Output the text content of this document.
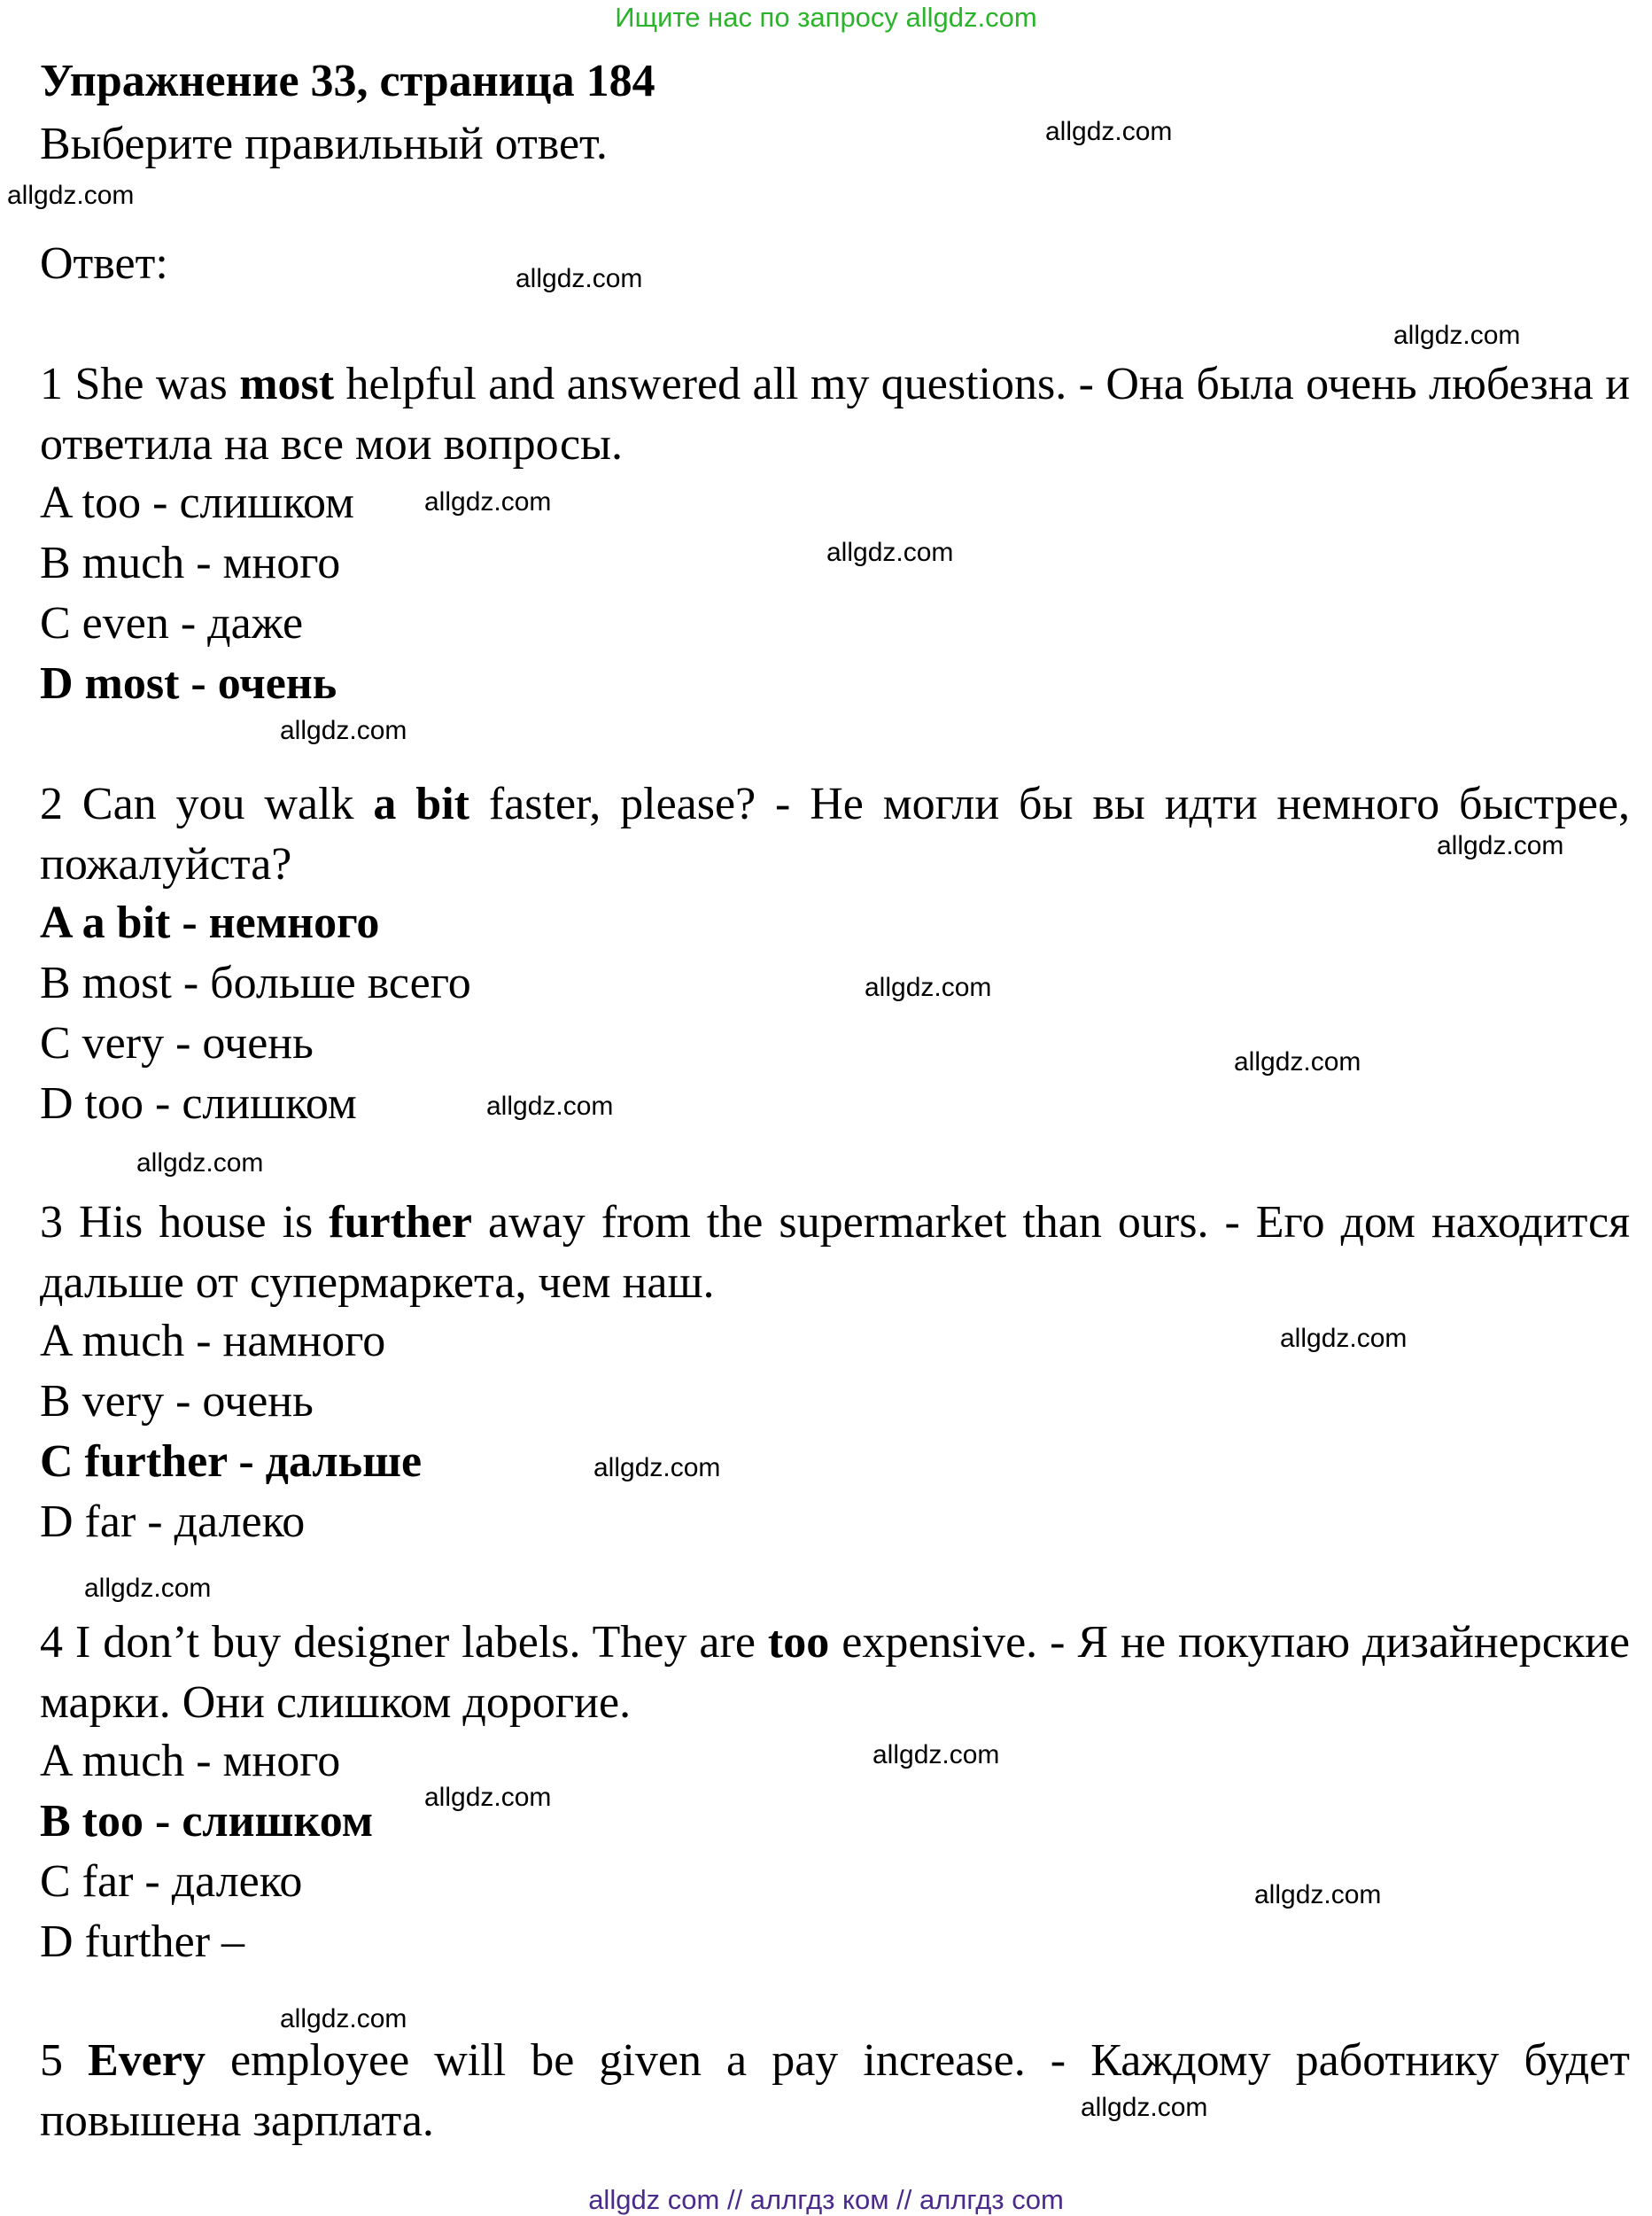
Ищите нас по запросу allgdz.com
Упражнение 33, страница 184
Выберите правильный ответ.
Ответ:
1 She was most helpful and answered all my questions. - Она была очень любезна и ответила на все мои вопросы.
A too - слишком
B much - много
C even - даже
D most - очень
2 Can you walk a bit faster, please? - Не могли бы вы идти немного быстрее, пожалуйста?
A a bit - немного
B most - больше всего
C very - очень
D too - слишком
3 His house is further away from the supermarket than ours. - Его дом находится дальше от супермаркета, чем наш.
A much - намного
B very - очень
C further - дальше
D far - далеко
4 I don’t buy designer labels. They are too expensive. - Я не покупаю дизайнерские марки. Они слишком дорогие.
A much - много
B too - слишком
C far - далеко
D further –
5 Every employee will be given a pay increase. - Каждому работнику будет повышена зарплата.
allgdz.com
allgdz.com
allgdz.com
allgdz.com
allgdz.com
allgdz.com
allgdz.com
allgdz.com
allgdz.com
allgdz.com
allgdz.com
allgdz.com
allgdz.com
allgdz.com
allgdz.com
allgdz.com
allgdz.com
allgdz.com
allgdz.com
allgdz.com
allgdz com // аллгдз ком // аллгдз com
